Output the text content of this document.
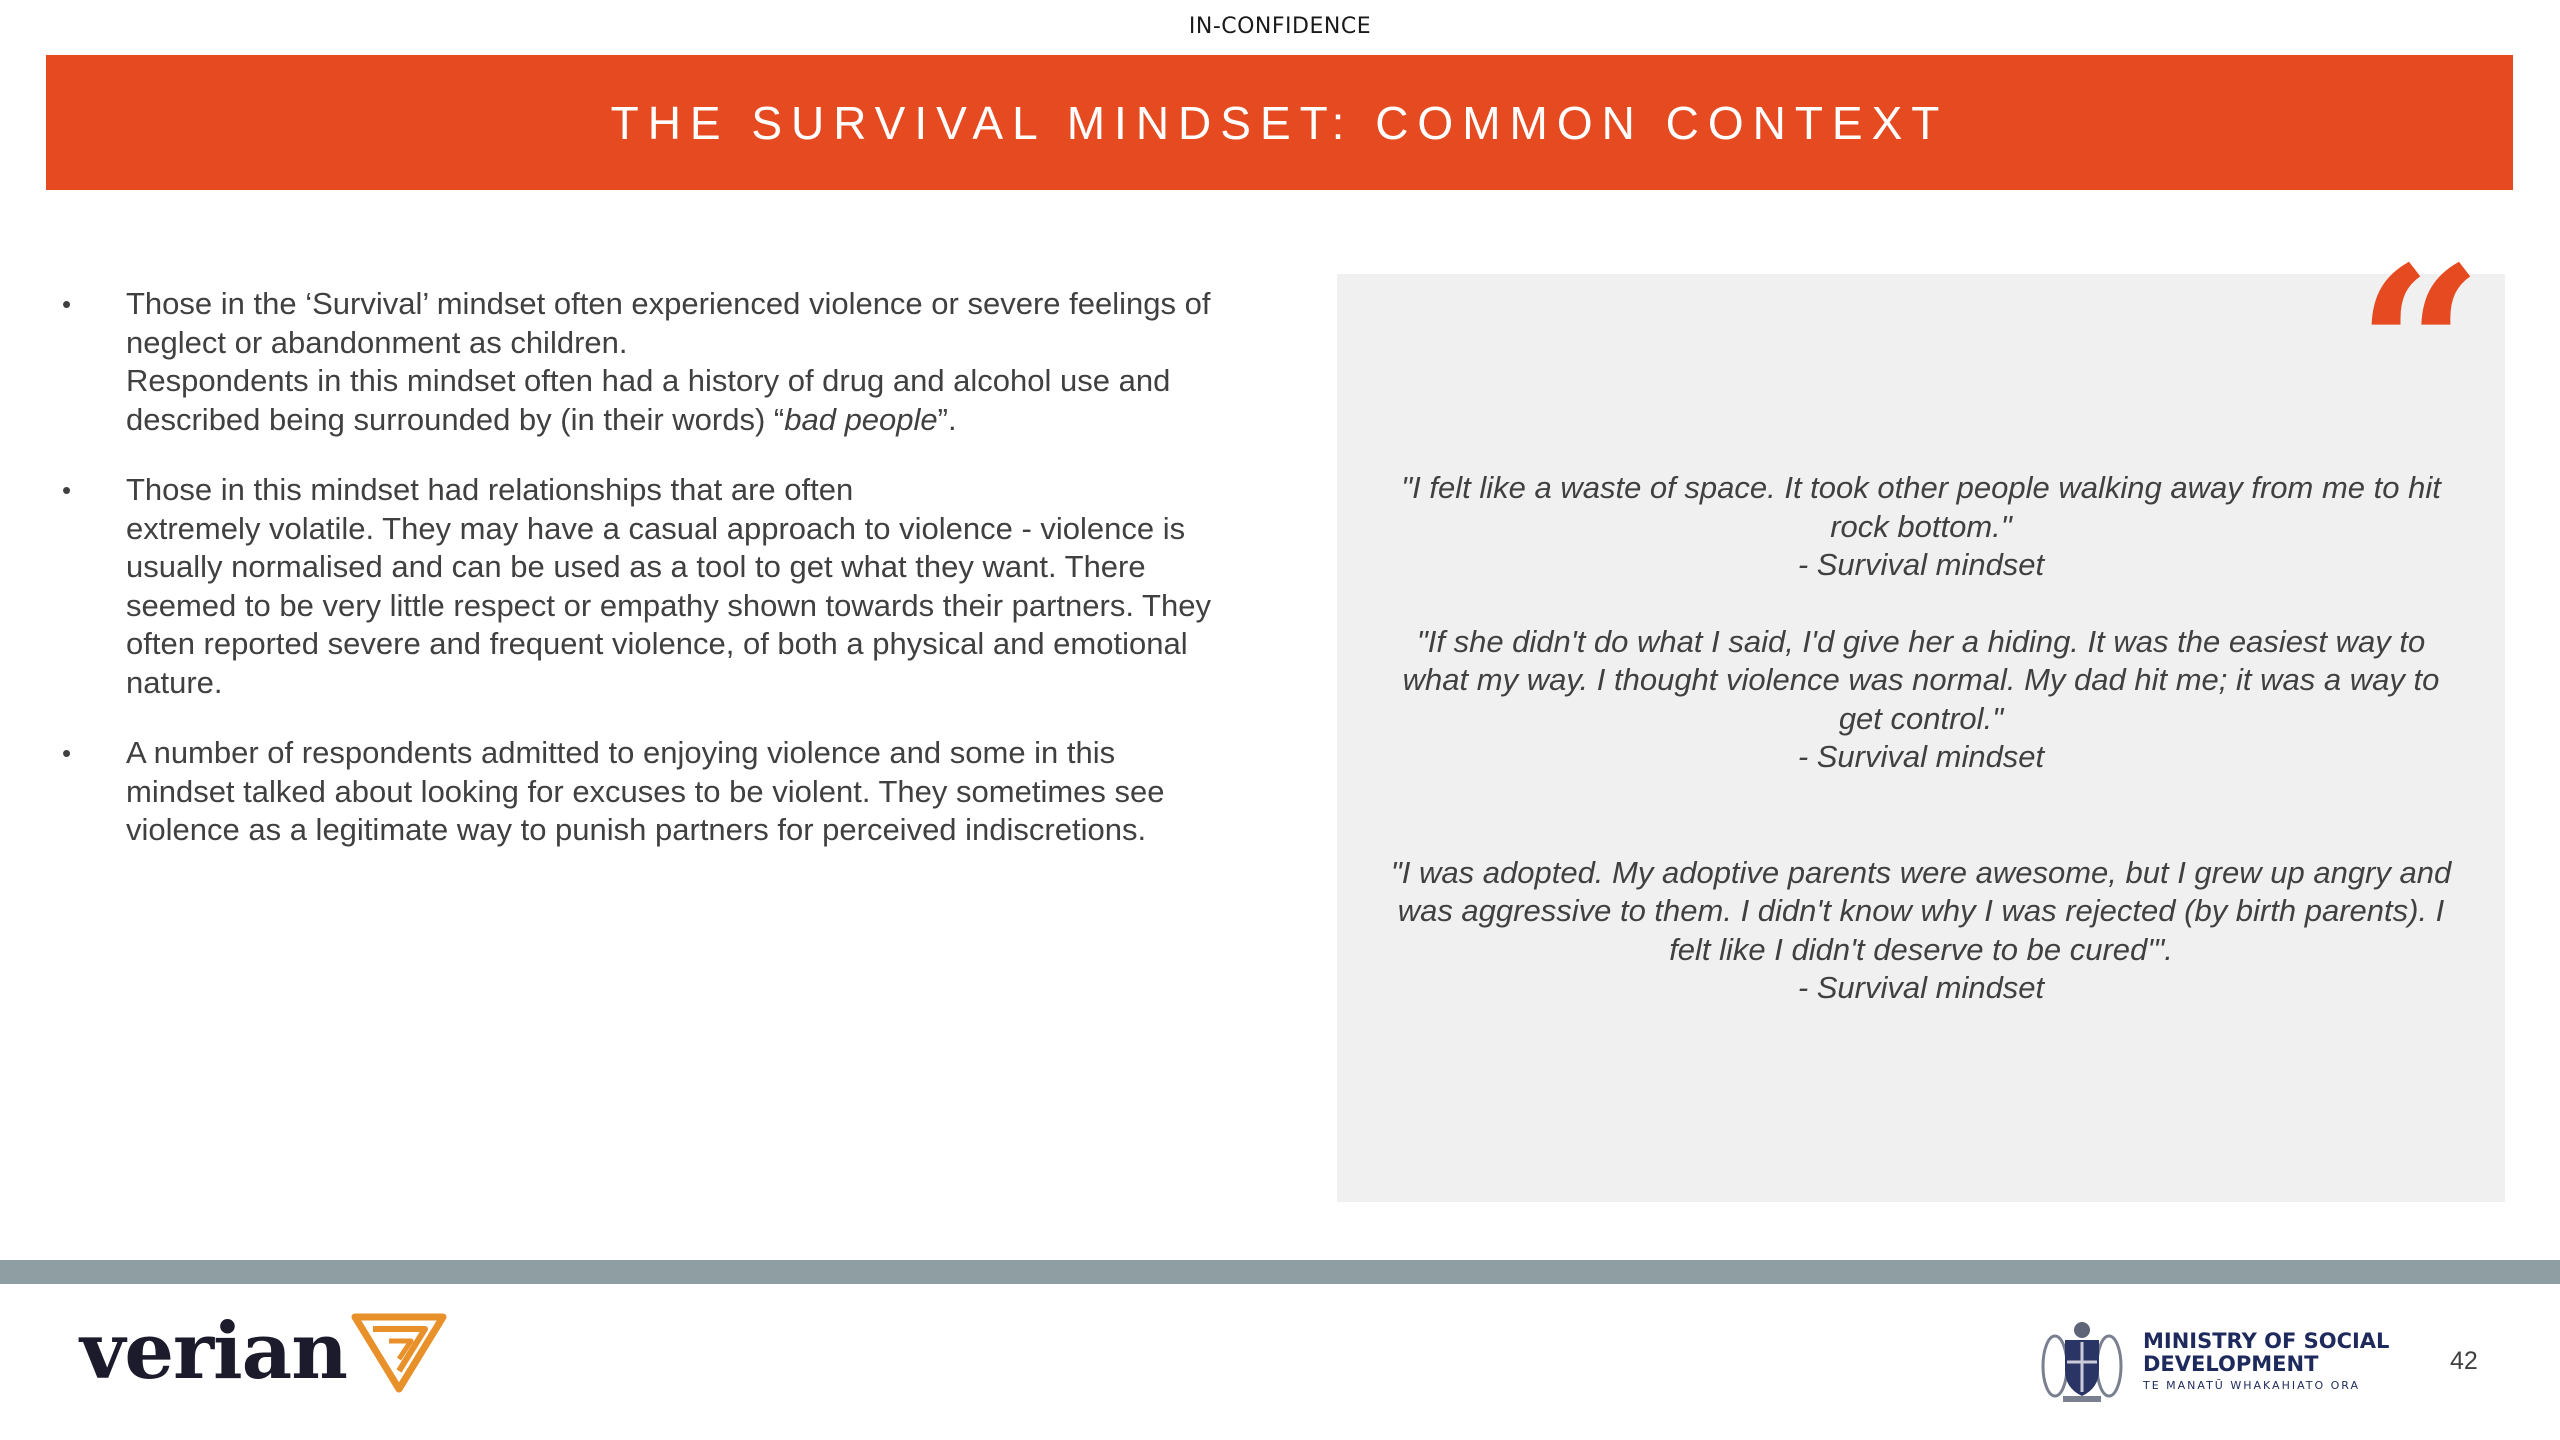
IN-CONFIDENCE
THE SURVIVAL MINDSET: COMMON CONTEXT
• Those in the ‘Survival’ mindset often experienced violence or severe feelings of
neglect or abandonment as children.
Respondents in this mindset often had a history of drug and alcohol use and
described being surrounded by (in their words) “bad people”.
• Those in this mindset had relationships that are often
extremely volatile. They may have a casual approach to violence - violence is
usually normalised and can be used as a tool to get what they want. There
seemed to be very little respect or empathy shown towards their partners. They
often reported severe and frequent violence, of both a physical and emotional
nature.
• A number of respondents admitted to enjoying violence and some in this
mindset talked about looking for excuses to be violent. They sometimes see
violence as a legitimate way to punish partners for perceived indiscretions.
“
"I felt like a waste of space. It took other people walking away from me to hit
rock bottom."
- Survival mindset
"If she didn't do what I said, I'd give her a hiding. It was the easiest way to
what my way. I thought violence was normal. My dad hit me; it was a way to
get control."
- Survival mindset
"I was adopted. My adoptive parents were awesome, but I grew up angry and
was aggressive to them. I didn't know why I was rejected (by birth parents). I
felt like I didn't deserve to be cured'".
- Survival mindset
verian	MINISTRY OF SOCIAL
DEVELOPMENT
TE MANATŪ WHAKAHIATO ORA
42
